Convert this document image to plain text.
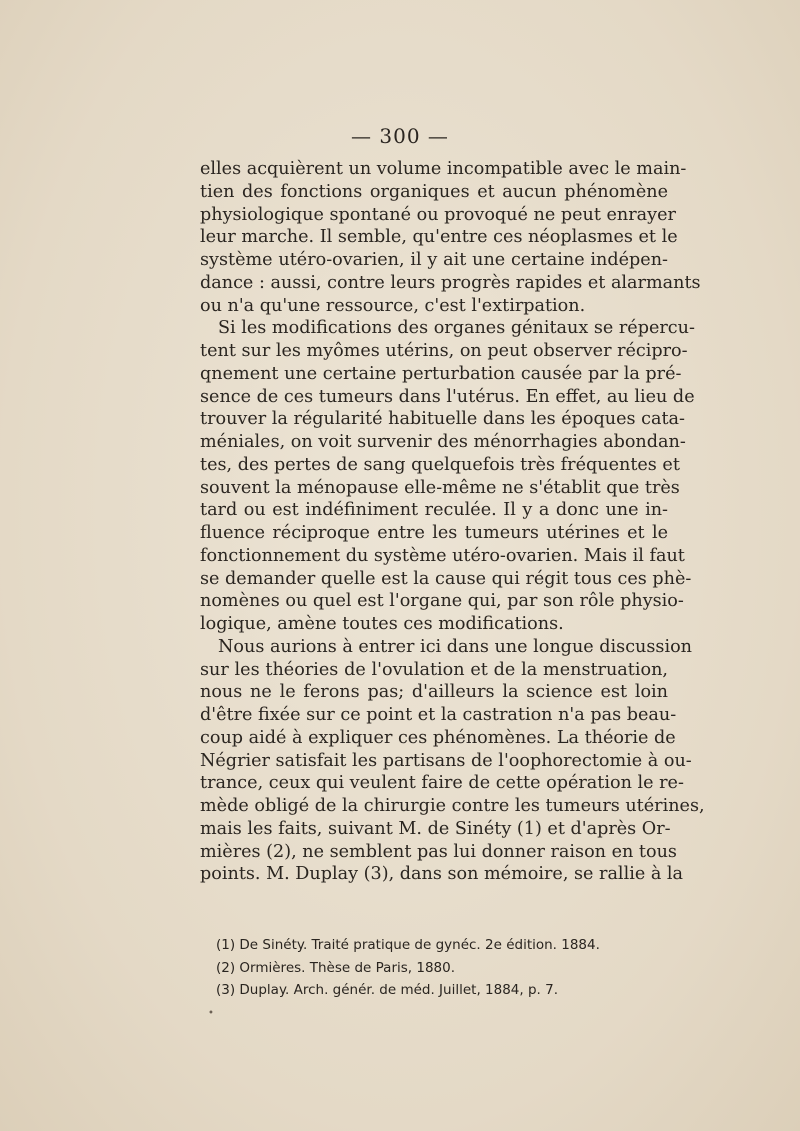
— 300 —
elles acquièrent un volume incompatible avec le main-
tien des fonctions organiques et aucun phénomène
physiologique spontané ou provoqué ne peut enrayer
leur marche. Il semble, qu'entre ces néoplasmes et le
système utéro-ovarien, il y ait une certaine indépen-
dance : aussi, contre leurs progrès rapides et alarmants
ou n'a qu'une ressource, c'est l'extirpation.
Si les modifications des organes génitaux se répercu-
tent sur les myômes utérins, on peut observer récipro-
qnement une certaine perturbation causée par la pré-
sence de ces tumeurs dans l'utérus. En effet, au lieu de
trouver la régularité habituelle dans les époques cata-
méniales, on voit survenir des ménorrhagies abondan-
tes, des pertes de sang quelquefois très fréquentes et
souvent la ménopause elle-même ne s'établit que très
tard ou est indéfiniment reculée. Il y a donc une in-
fluence réciproque entre les tumeurs utérines et le
fonctionnement du système utéro-ovarien. Mais il faut
se demander quelle est la cause qui régit tous ces phè-
nomènes ou quel est l'organe qui, par son rôle physio-
logique, amène toutes ces modifications.
Nous aurions à entrer ici dans une longue discussion
sur les théories de l'ovulation et de la menstruation,
nous ne le ferons pas; d'ailleurs la science est loin
d'être fixée sur ce point et la castration n'a pas beau-
coup aidé à expliquer ces phénomènes. La théorie de
Négrier satisfait les partisans de l'oophorectomie à ou-
trance, ceux qui veulent faire de cette opération le re-
mède obligé de la chirurgie contre les tumeurs utérines,
mais les faits, suivant M. de Sinéty (1) et d'après Or-
mières (2), ne semblent pas lui donner raison en tous
points. M. Duplay (3), dans son mémoire, se rallie à la
(1) De Sinéty. Traité pratique de gynéc. 2e édition. 1884.
(2) Ormières. Thèse de Paris, 1880.
(3) Duplay. Arch. génér. de méd. Juillet, 1884, p. 7.
•
